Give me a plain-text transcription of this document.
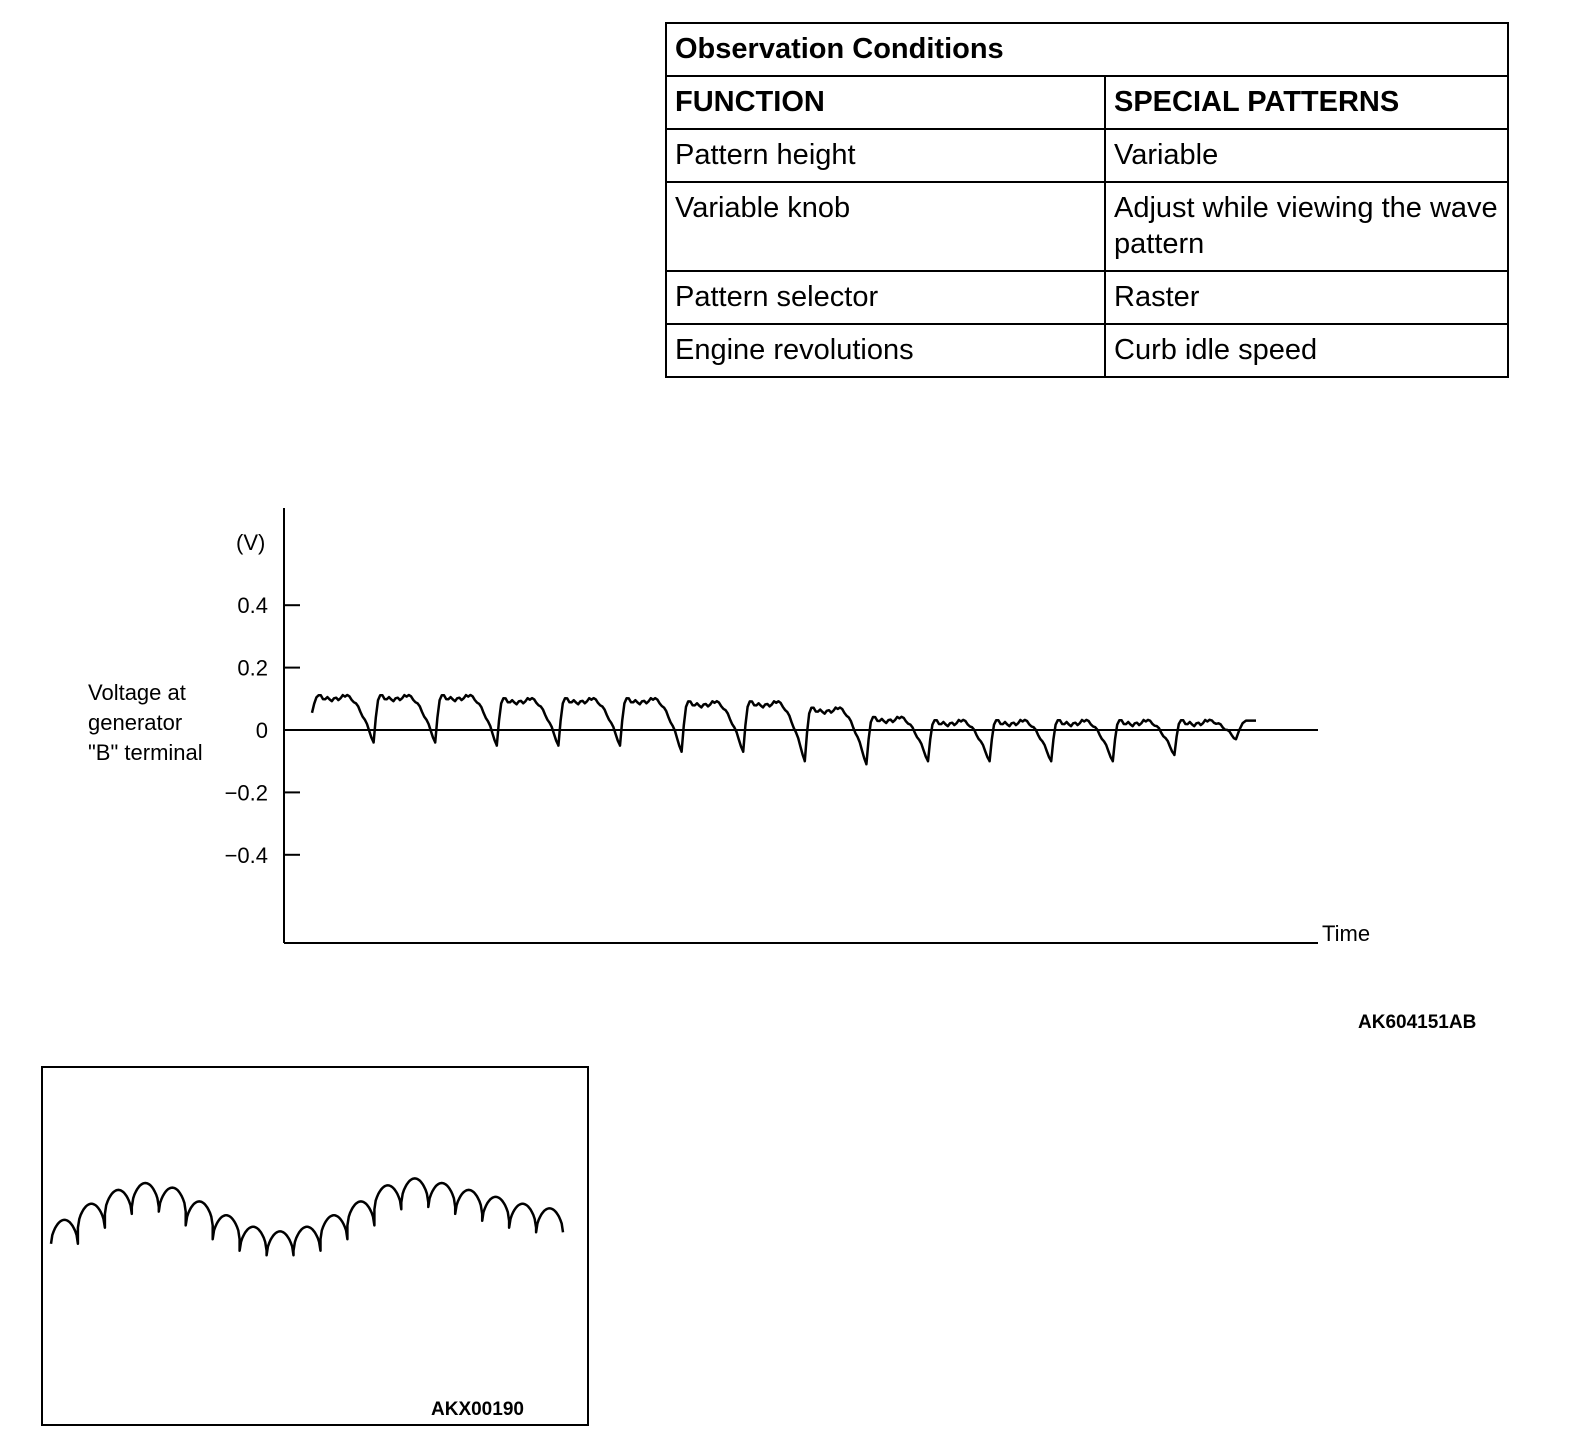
Observation Conditions	
FUNCTION	SPECIAL PATTERNS
Pattern height	Variable
Variable knob	Adjust while viewing the wave pattern

Pattern selector	Raster
Engine revolutions	Curb idle speed
0.4
0.2
0
−0.2
−0.4
(V)
Voltage at generator "B" terminal
Time
AK604151AB
AKX00190
